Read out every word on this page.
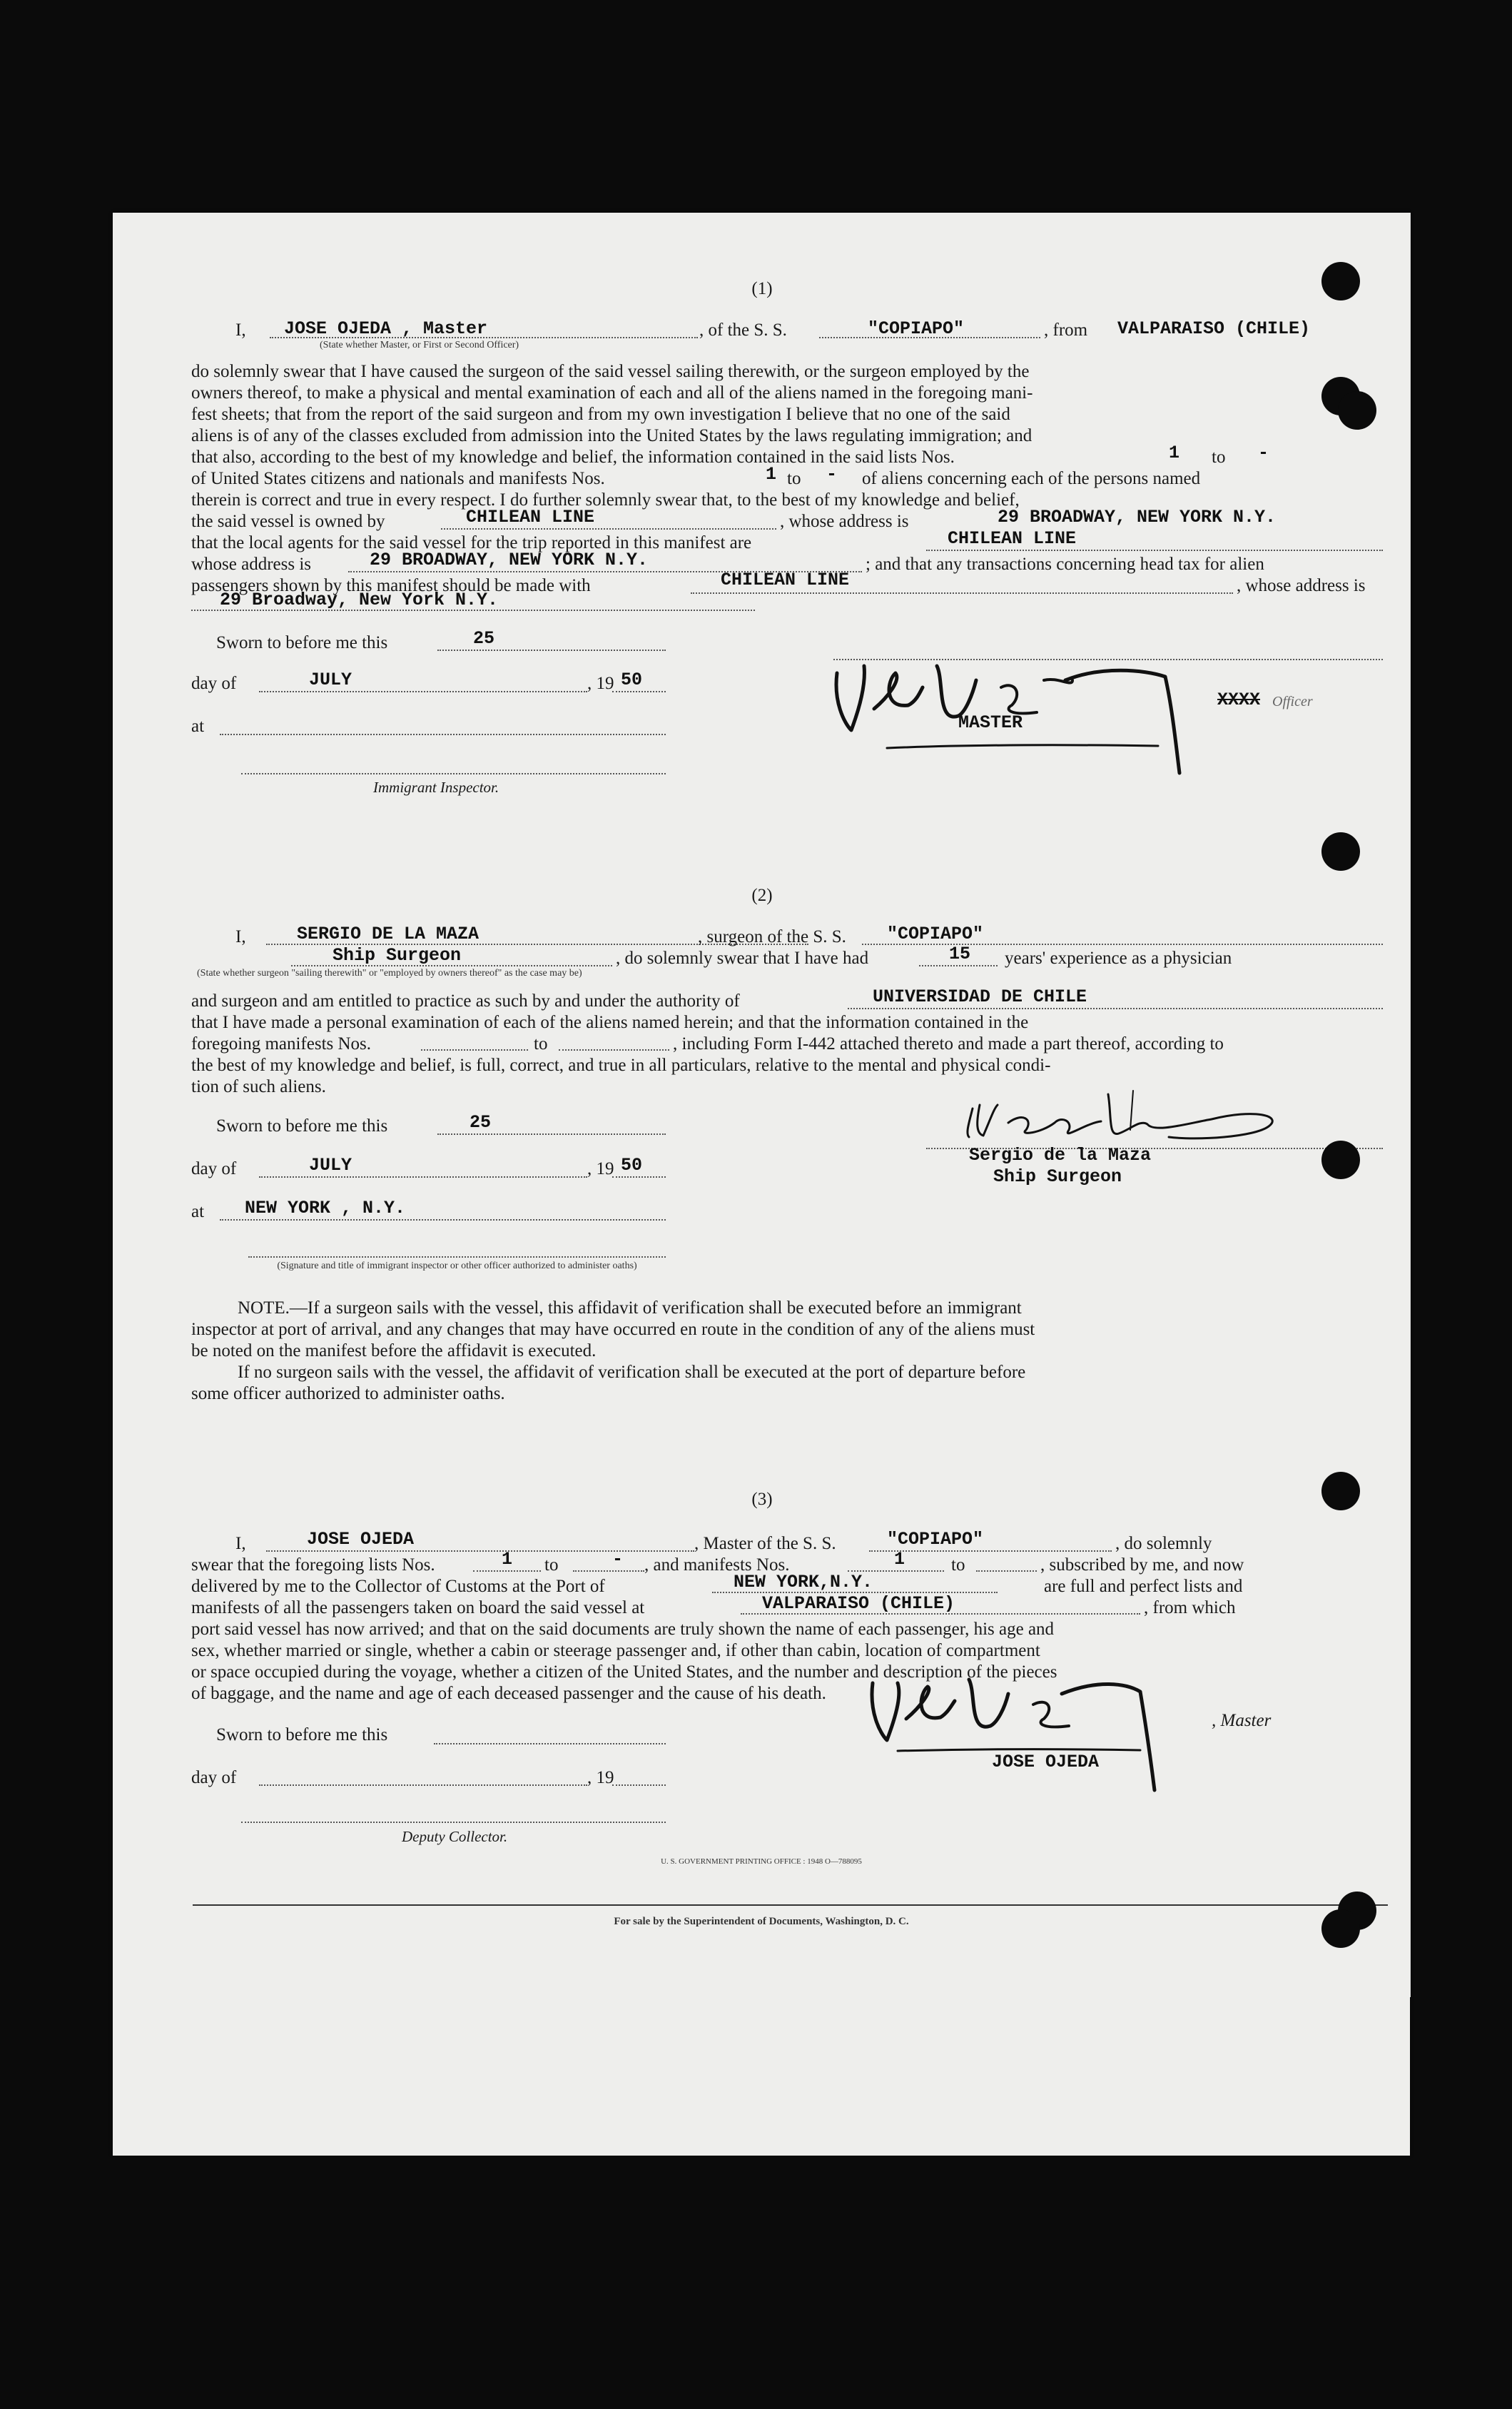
(1)
I, JOSE OJEDA , Master
(State whether Master, or First or Second Officer)
, of the S. S.	"COPIAPO"	, from VALPARAISO (CHILE)
do solemnly swear that I have caused the surgeon of the said vessel sailing therewith, or the surgeon employed by the
owners thereof, to make a physical and mental examination of each and all of the aliens named in the foregoing mani-
fest sheets; that from the report of the said surgeon and from my own investigation I believe that no one of the said
aliens is of any of the classes excluded from admission into the United States by the laws regulating immigration; and
that also, according to the best of my knowledge and belief, the information contained in the said lists Nos.	1 to -
of United States citizens and nationals and manifests Nos.	1 to - of aliens concerning each of the persons named
therein is correct and true in every respect. I do further solemnly swear that, to the best of my knowledge and belief,
the said vessel is owned by	CHILEAN LINE	, whose address is	29 BROADWAY, NEW YORK N.Y.
that the local agents for the said vessel for the trip reported in this manifest are	CHILEAN LINE
whose address is	29 BROADWAY, NEW YORK N.Y.	; and that any transactions concerning head tax for alien
passengers shown by this manifest should be made with	CHILEAN LINE	, whose address is
29 Broadway, New York N.Y.
Sworn to before me this	25
day of	JULY	, 19 50
at
Immigrant Inspector.
MASTER
XXXX Officer
(2)
I,	SERGIO DE LA MAZA	, surgeon of the S. S. "COPIAPO"
Ship Surgeon	, do solemnly swear that I have had	15 years' experience as a physician
(State whether surgeon "sailing therewith" or "employed by owners thereof" as the case may be)
and surgeon and am entitled to practice as such by and under the authority of	UNIVERSIDAD DE CHILE
that I have made a personal examination of each of the aliens named herein; and that the information contained in the
foregoing manifests Nos.	to	, including Form I-442 attached thereto and made a part thereof, according to
the best of my knowledge and belief, is full, correct, and true in all particulars, relative to the mental and physical condi-
tion of such aliens.
Sworn to before me this	25
day of	JULY	, 19 50
at NEW YORK , N.Y.
(Signature and title of immigrant inspector or other officer authorized to administer oaths)
Sergio de la Maza
Ship Surgeon
NOTE.—If a surgeon sails with the vessel, this affidavit of verification shall be executed before an immigrant
inspector at port of arrival, and any changes that may have occurred en route in the condition of any of the aliens must
be noted on the manifest before the affidavit is executed.
If no surgeon sails with the vessel, the affidavit of verification shall be executed at the port of departure before
some officer authorized to administer oaths.
(3)
I,	JOSE OJEDA	, Master of the S. S.	"COPIAPO"	, do solemnly
swear that the foregoing lists Nos.	1 to	- , and manifests Nos.	1	to	, subscribed by me, and now
delivered by me to the Collector of Customs at the Port of	NEW YORK,N.Y.	are full and perfect lists and
manifests of all the passengers taken on board the said vessel at	VALPARAISO (CHILE)	, from which
port said vessel has now arrived; and that on the said documents are truly shown the name of each passenger, his age and
sex, whether married or single, whether a cabin or steerage passenger and, if other than cabin, location of compartment
or space occupied during the voyage, whether a citizen of the United States, and the number and description of the pieces
of baggage, and the name and age of each deceased passenger and the cause of his death.
, Master
JOSE OJEDA
Sworn to before me this
day of	, 19
Deputy Collector.
U. S. GOVERNMENT PRINTING OFFICE : 1948 O—788095
For sale by the Superintendent of Documents, Washington, D. C.
